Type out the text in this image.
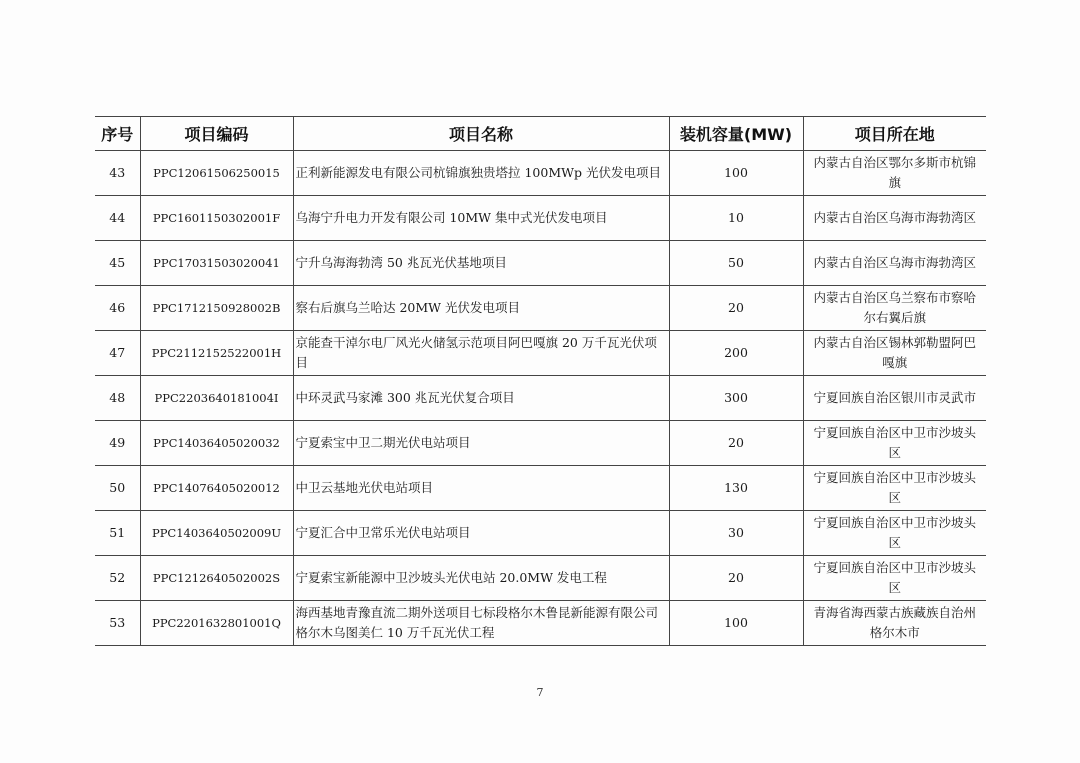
序号	项目编码	项目名称	装机容量(MW)	项目所在地
43	PPC12061506250015	正利新能源发电有限公司杭锦旗独贵塔拉 100MWp 光伏发电项目	100	内蒙古自治区鄂尔多斯市杭锦旗
44	PPC1601150302001F	乌海宁升电力开发有限公司 10MW 集中式光伏发电项目	10	内蒙古自治区乌海市海勃湾区
45	PPC17031503020041	宁升乌海海勃湾 50 兆瓦光伏基地项目	50	内蒙古自治区乌海市海勃湾区
46	PPC1712150928002B	察右后旗乌兰哈达 20MW 光伏发电项目	20	内蒙古自治区乌兰察布市察哈尔右翼后旗
47	PPC2112152522001H	京能查干淖尔电厂风光火储氢示范项目阿巴嘎旗 20 万千瓦光伏项目	200	内蒙古自治区锡林郭勒盟阿巴嘎旗
48	PPC2203640181004I	中环灵武马家滩 300 兆瓦光伏复合项目	300	宁夏回族自治区银川市灵武市
49	PPC14036405020032	宁夏索宝中卫二期光伏电站项目	20	宁夏回族自治区中卫市沙坡头区
50	PPC14076405020012	中卫云基地光伏电站项目	130	宁夏回族自治区中卫市沙坡头区
51	PPC1403640502009U	宁夏汇合中卫常乐光伏电站项目	30	宁夏回族自治区中卫市沙坡头区
52	PPC1212640502002S	宁夏索宝新能源中卫沙坡头光伏电站 20.0MW 发电工程	20	宁夏回族自治区中卫市沙坡头区
53	PPC2201632801001Q	海西基地青豫直流二期外送项目七标段格尔木鲁昆新能源有限公司格尔木乌图美仁 10 万千瓦光伏工程	100	青海省海西蒙古族藏族自治州格尔木市
7
